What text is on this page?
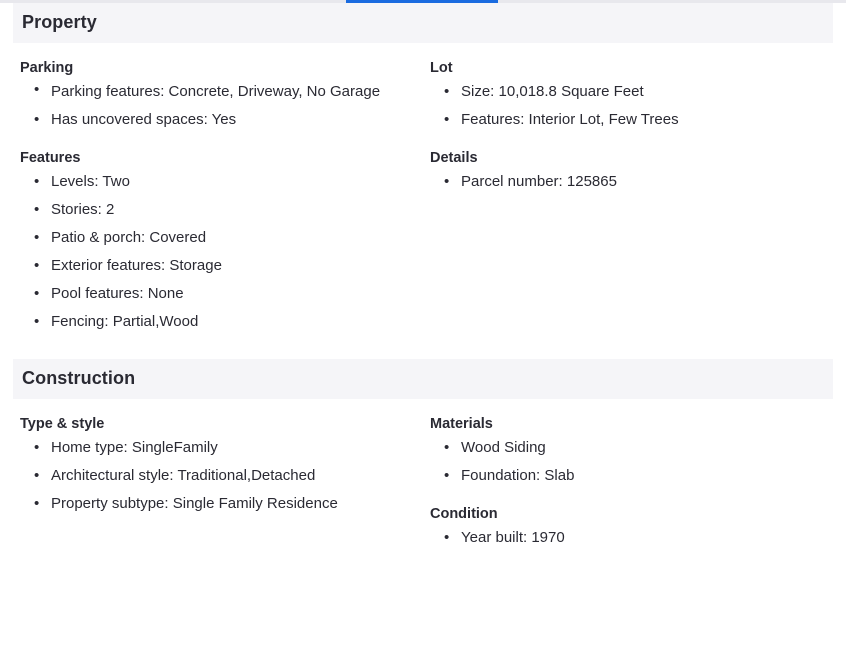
Property
Parking
• Parking features: Concrete, Driveway, No Garage
• Has uncovered spaces: Yes
Features
• Levels: Two
• Stories: 2
• Patio & porch: Covered
• Exterior features: Storage
• Pool features: None
• Fencing: Partial,Wood
Lot
• Size: 10,018.8 Square Feet
• Features: Interior Lot, Few Trees
Details
• Parcel number: 125865
Construction
Type & style
• Home type: SingleFamily
• Architectural style: Traditional,Detached
• Property subtype: Single Family Residence
Materials
• Wood Siding
• Foundation: Slab
Condition
• Year built: 1970
